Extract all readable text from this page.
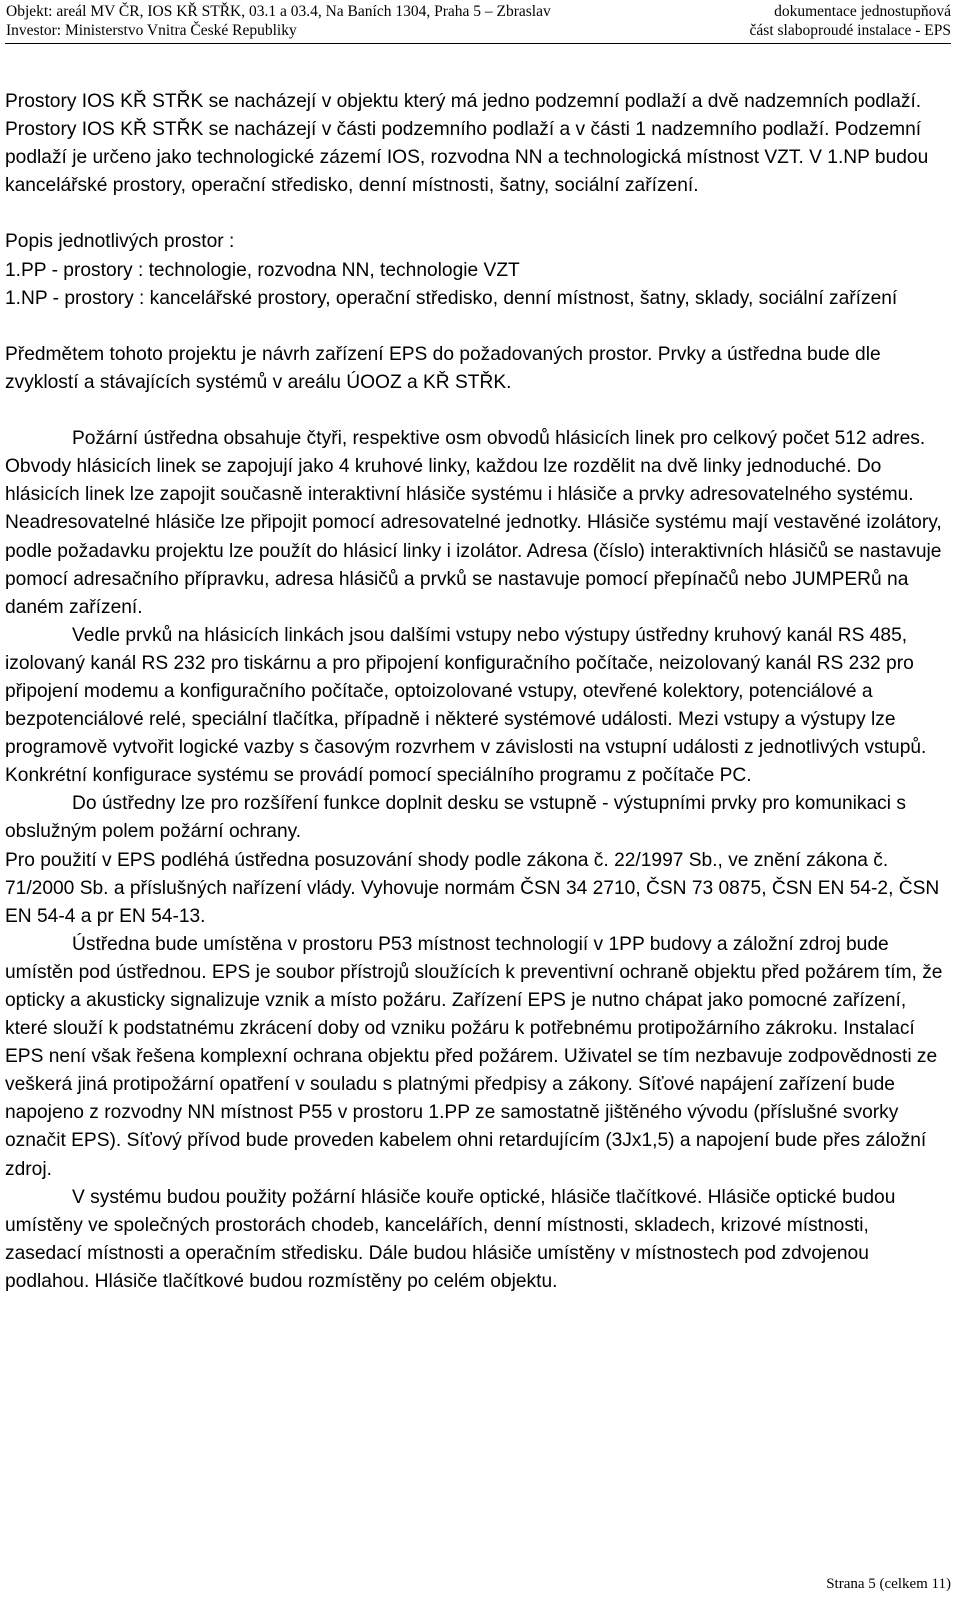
Objekt: areál MV ČR, IOS KŘ STŘK, 03.1 a 03.4, Na Baních 1304, Praha 5 – Zbraslav	dokumentace jednostupňová
Investor: Ministerstvo Vnitra České Republiky	část slaboproudé instalace - EPS

Prostory IOS KŘ STŘK se nacházejí v objektu který má jedno podzemní podlaží a dvě nadzemních podlaží. Prostory IOS KŘ STŘK se nacházejí v části podzemního podlaží a v části 1 nadzemního podlaží. Podzemní podlaží je určeno jako technologické zázemí IOS, rozvodna NN a technologická místnost VZT. V 1.NP budou kancelářské prostory, operační středisko, denní místnosti, šatny, sociální zařízení.

Popis jednotlivých prostor :

1.PP - prostory : technologie, rozvodna NN, technologie VZT

1.NP - prostory : kancelářské prostory, operační středisko, denní místnost, šatny, sklady, sociální zařízení

Předmětem tohoto projektu je návrh zařízení EPS do požadovaných prostor. Prvky a ústředna bude dle zvyklostí a stávajících systémů v areálu ÚOOZ a KŘ STŘK.

Požární ústředna obsahuje čtyři, respektive osm obvodů hlásicích linek pro celkový počet 512 adres. Obvody hlásicích linek se zapojují jako 4 kruhové linky, každou lze rozdělit na dvě linky jednoduché. Do hlásicích linek lze zapojit současně interaktivní hlásiče systému i hlásiče a prvky adresovatelného systému. Neadresovatelné hlásiče lze připojit pomocí adresovatelné jednotky. Hlásiče systému mají vestavěné izolátory, podle požadavku projektu lze použít do hlásicí linky i izolátor. Adresa (číslo) interaktivních hlásičů se nastavuje pomocí adresačního přípravku, adresa hlásičů a prvků se nastavuje pomocí přepínačů nebo JUMPERů na daném zařízení.

Vedle prvků na hlásicích linkách jsou dalšími vstupy nebo výstupy ústředny kruhový kanál RS 485, izolovaný kanál RS 232 pro tiskárnu a pro připojení konfiguračního počítače, neizolovaný kanál RS 232 pro připojení modemu a konfiguračního počítače, optoizolované vstupy, otevřené kolektory, potenciálové a bezpotenciálové relé, speciální tlačítka, případně i některé systémové události. Mezi vstupy a výstupy lze programově vytvořit logické vazby s časovým rozvrhem v závislosti na vstupní události z jednotlivých vstupů. Konkrétní konfigurace systému se provádí pomocí speciálního programu z počítače PC.

Do ústředny lze pro rozšíření funkce doplnit desku se vstupně - výstupními prvky pro komunikaci s obslužným polem požární ochrany.

Pro použití v EPS podléhá ústředna posuzování shody podle zákona č. 22/1997 Sb., ve znění zákona č. 71/2000 Sb. a příslušných nařízení vlády. Vyhovuje normám ČSN 34 2710, ČSN 73 0875, ČSN EN 54-2, ČSN EN 54-4 a pr EN 54-13.

Ústředna bude umístěna v prostoru P53 místnost technologií v 1PP budovy a záložní zdroj bude umístěn pod ústřednou. EPS je soubor přístrojů sloužících k preventivní ochraně objektu před požárem tím, že opticky a akusticky signalizuje vznik a místo požáru. Zařízení EPS je nutno chápat jako pomocné zařízení, které slouží k podstatnému zkrácení doby od vzniku požáru k potřebnému protipožárního zákroku. Instalací EPS není však řešena komplexní ochrana objektu před požárem. Uživatel se tím nezbavuje zodpovědnosti ze veškerá jiná protipožární opatření v souladu s platnými předpisy a zákony. Síťové napájení zařízení bude napojeno z rozvodny NN místnost P55 v prostoru 1.PP ze samostatně jištěného vývodu (příslušné svorky označit EPS). Síťový přívod bude proveden kabelem ohni retardujícím (3Jx1,5) a napojení bude přes záložní zdroj.

V systému budou použity požární hlásiče kouře optické, hlásiče tlačítkové. Hlásiče optické budou umístěny ve společných prostorách chodeb, kancelářích, denní místnosti, skladech, krizové místnosti, zasedací místnosti a operačním středisku. Dále budou hlásiče umístěny v místnostech pod zdvojenou podlahou. Hlásiče tlačítkové budou rozmístěny po celém objektu.

Strana 5 (celkem 11)
